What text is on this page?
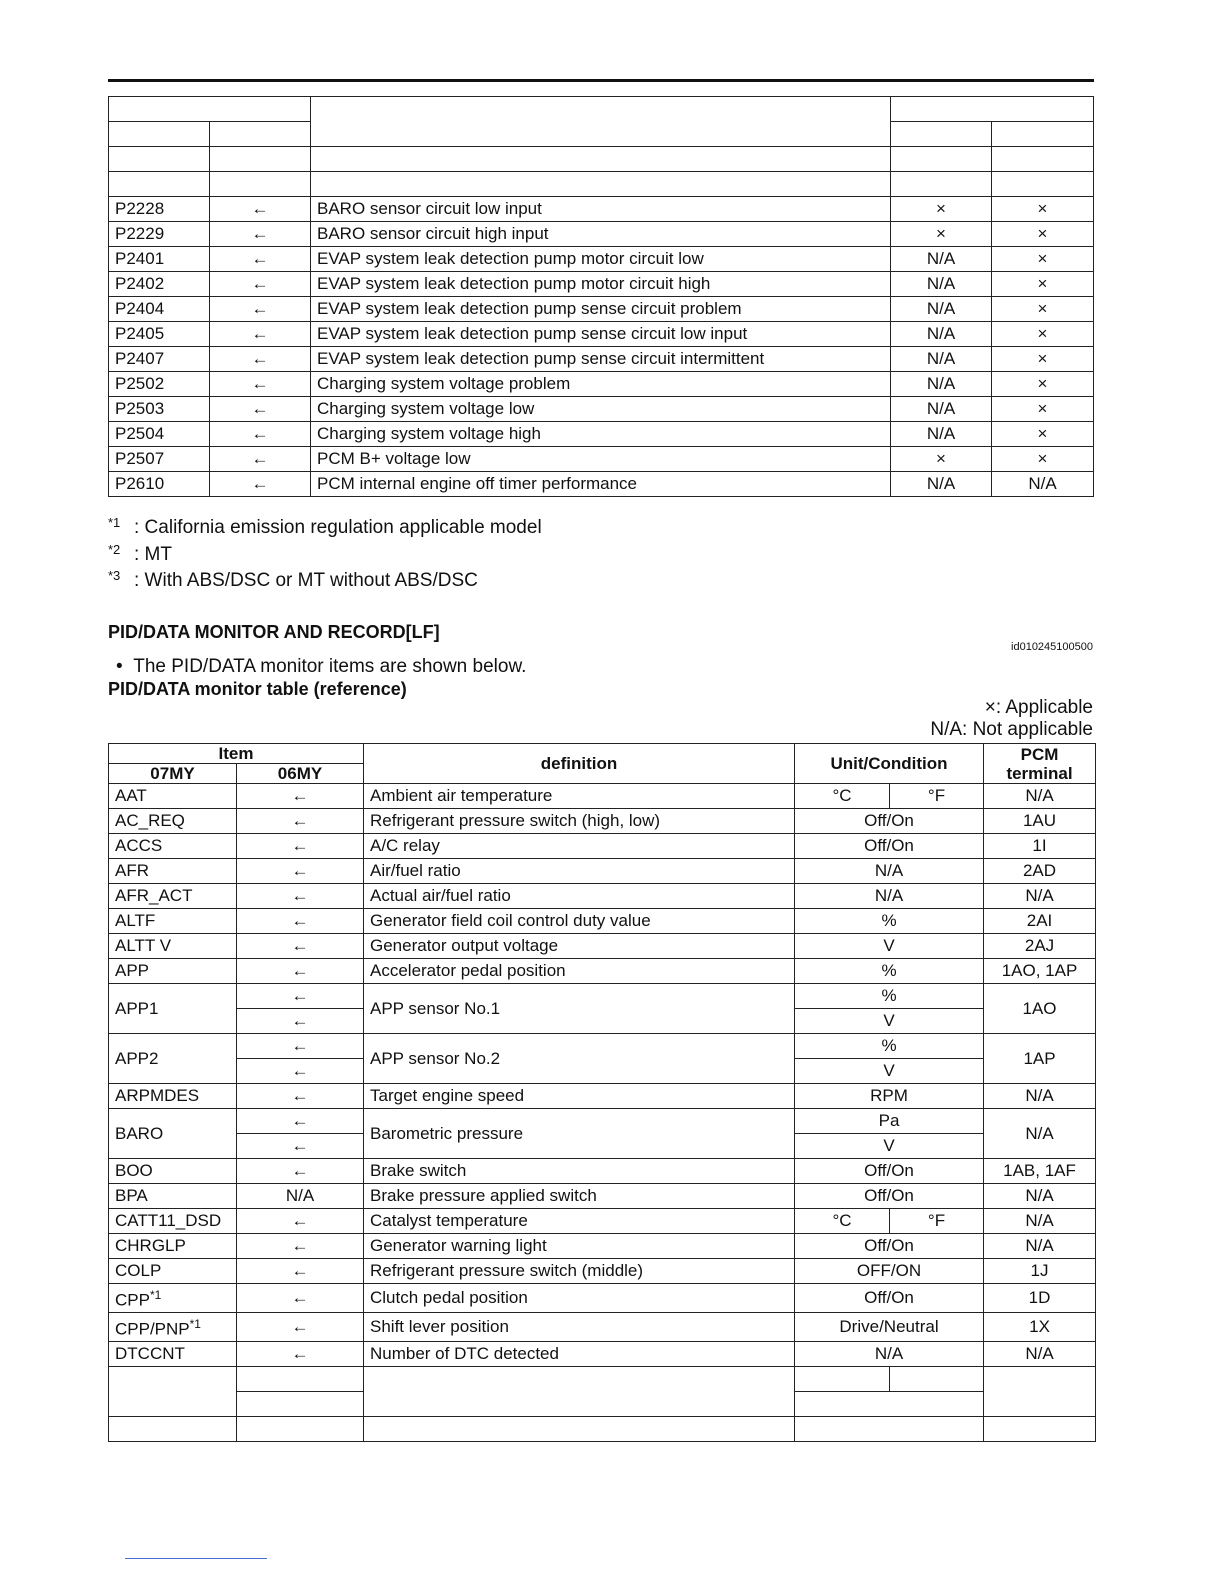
P2228	←	BARO sensor circuit low input	×	×
P2229	←	BARO sensor circuit high input	×	×
P2401	←	EVAP system leak detection pump motor circuit low	N/A	×
P2402	←	EVAP system leak detection pump motor circuit high	N/A	×
P2404	←	EVAP system leak detection pump sense circuit problem	N/A	×
P2405	←	EVAP system leak detection pump sense circuit low input	N/A	×
P2407	←	EVAP system leak detection pump sense circuit intermittent	N/A	×
P2502	←	Charging system voltage problem	N/A	×
P2503	←	Charging system voltage low	N/A	×
P2504	←	Charging system voltage high	N/A	×
P2507	←	PCM B+ voltage low	×	×
P2610	←	PCM internal engine off timer performance	N/A	N/A
$^{*1}$ : California emission regulation applicable model
$^{*2}$ : MT
$^{*3}$ : With ABS/DSC or MT without ABS/DSC
PID/DATA MONITOR AND RECORD[LF]
id010245100500
•  The PID/DATA monitor items are shown below.
PID/DATA monitor table (reference)
×: Applicable
N/A: Not applicable
Item		definition	Unit/Condition		PCM terminal
07MY	06MY				
AAT	←	Ambient air temperature	°C	°F	N/A
AC_REQ	←	Refrigerant pressure switch (high, low)	Off/On		1AU
ACCS	←	A/C relay	Off/On		1I
AFR	←	Air/fuel ratio	N/A		2AD
AFR_ACT	←	Actual air/fuel ratio	N/A		N/A
ALTF	←	Generator field coil control duty value	%		2AI
ALTT V	←	Generator output voltage	V		2AJ
APP	←	Accelerator pedal position	%		1AO, 1AP
APP1	←	APP sensor No.1	%		1AO
	←		V		
APP2	←	APP sensor No.2	%		1AP
	←		V		
ARPMDES	←	Target engine speed	RPM		N/A
BARO	←	Barometric pressure	Pa		N/A
	←		V		
BOO	←	Brake switch	Off/On		1AB, 1AF
BPA	N/A	Brake pressure applied switch	Off/On		N/A
CATT11_DSD	←	Catalyst temperature	°C	°F	N/A
CHRGLP	←	Generator warning light	Off/On		N/A
COLP	←	Refrigerant pressure switch (middle)	OFF/ON		1J
CPP$^{*1}$	←	Clutch pedal position	Off/On		1D
CPP/PNP$^{*1}$	←	Shift lever position	Drive/Neutral		1X
DTCCNT	←	Number of DTC detected	N/A		N/A
